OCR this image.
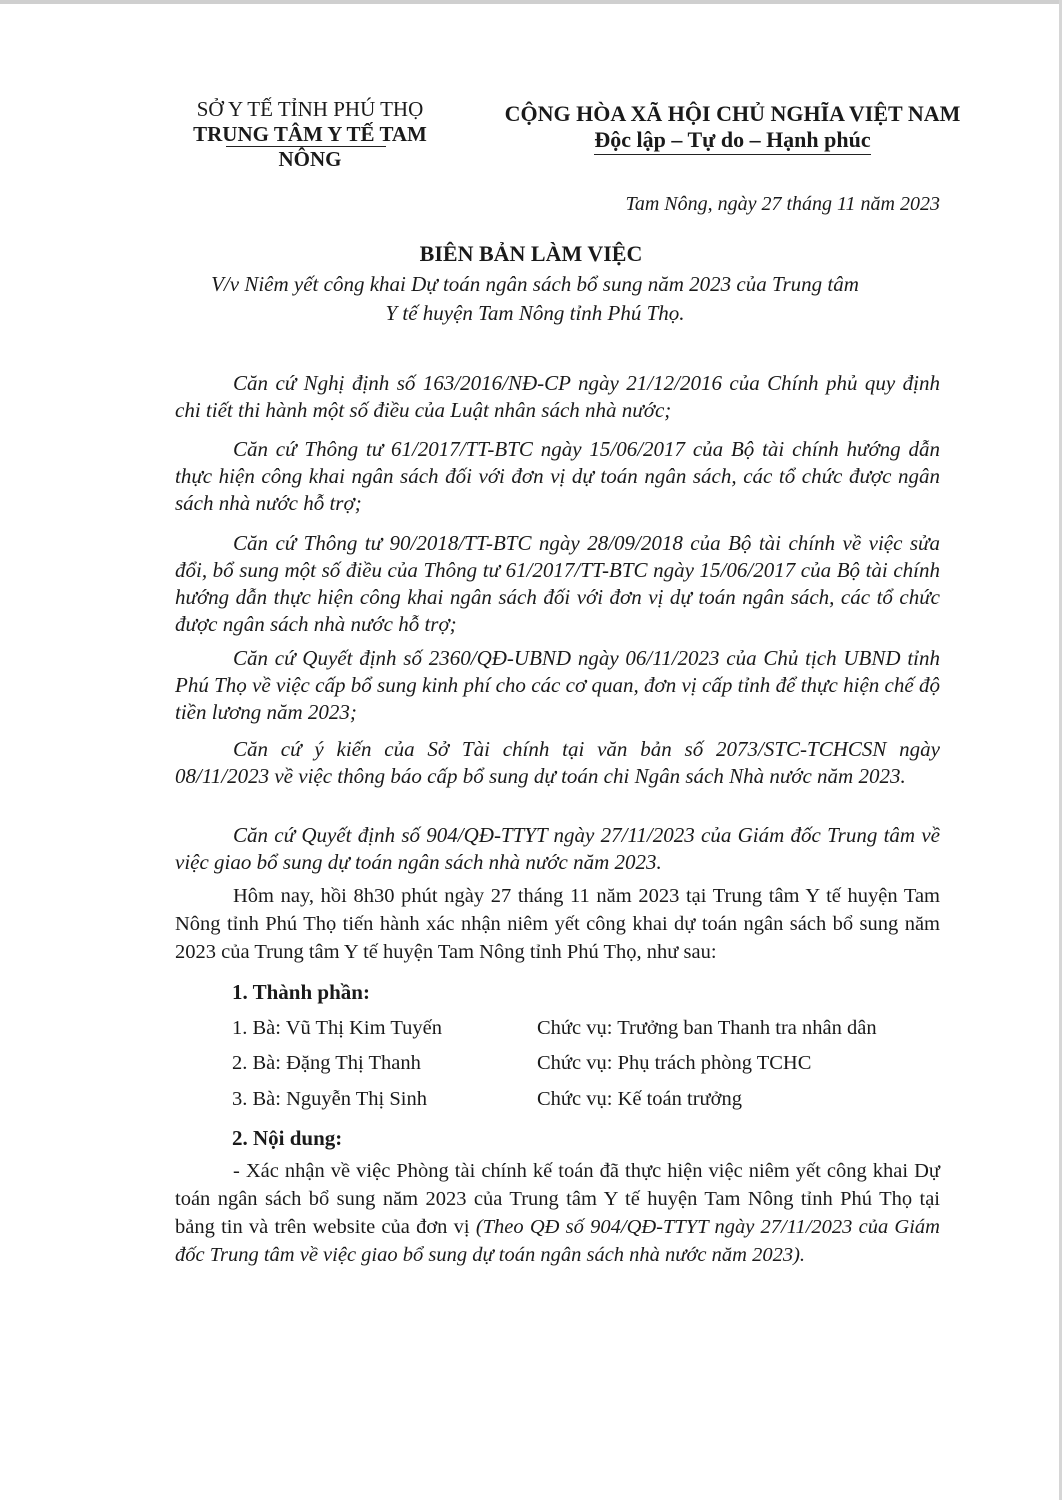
SỞ Y TẾ TỈNH PHÚ THỌ
TRUNG TÂM Y TẾ TAM NÔNG
CỘNG HÒA XÃ HỘI CHỦ NGHĨA VIỆT NAM
Độc lập – Tự do – Hạnh phúc
Tam Nông, ngày 27 tháng 11 năm 2023
BIÊN BẢN LÀM VIỆC
V/v Niêm yết công khai Dự toán ngân sách bổ sung năm 2023 của Trung tâm Y tế huyện Tam Nông tỉnh Phú Thọ.

Căn cứ Nghị định số 163/2016/NĐ-CP ngày 21/12/2016 của Chính phủ quy định chi tiết thi hành một số điều của Luật nhân sách nhà nước;

Căn cứ Thông tư 61/2017/TT-BTC ngày 15/06/2017 của Bộ tài chính hướng dẫn thực hiện công khai ngân sách đối với đơn vị dự toán ngân sách, các tổ chức được ngân sách nhà nước hỗ trợ;

Căn cứ Thông tư 90/2018/TT-BTC ngày 28/09/2018 của Bộ tài chính về việc sửa đổi, bổ sung một số điều của Thông tư 61/2017/TT-BTC ngày 15/06/2017 của Bộ tài chính hướng dẫn thực hiện công khai ngân sách đối với đơn vị dự toán ngân sách, các tổ chức được ngân sách nhà nước hỗ trợ;

Căn cứ Quyết định số 2360/QĐ-UBND ngày 06/11/2023 của Chủ tịch UBND tỉnh Phú Thọ về việc cấp bổ sung kinh phí cho các cơ quan, đơn vị cấp tỉnh để thực hiện chế độ tiền lương năm 2023;

Căn cứ ý kiến của Sở Tài chính tại văn bản số 2073/STC-TCHCSN ngày 08/11/2023 về việc thông báo cấp bổ sung dự toán chi Ngân sách Nhà nước năm 2023.

Căn cứ Quyết định số 904/QĐ-TTYT ngày 27/11/2023 của Giám đốc Trung tâm về việc giao bổ sung dự toán ngân sách nhà nước năm 2023.

Hôm nay, hồi 8h30 phút ngày 27 tháng 11 năm 2023 tại Trung tâm Y tế huyện Tam Nông tỉnh Phú Thọ tiến hành xác nhận niêm yết công khai dự toán ngân sách bổ sung năm 2023 của Trung tâm Y tế huyện Tam Nông tỉnh Phú Thọ, như sau:

1. Thành phần:
1. Bà: Vũ Thị Kim Tuyến	Chức vụ: Trưởng ban Thanh tra nhân dân
2. Bà: Đặng Thị Thanh	Chức vụ: Phụ trách phòng TCHC
3. Bà: Nguyễn Thị Sinh	Chức vụ: Kế toán trưởng
2. Nội dung:

- Xác nhận về việc Phòng tài chính kế toán đã thực hiện việc niêm yết công khai Dự toán ngân sách bổ sung năm 2023 của Trung tâm Y tế huyện Tam Nông tỉnh Phú Thọ tại bảng tin và trên website của đơn vị (Theo QĐ số 904/QĐ-TTYT ngày 27/11/2023 của Giám đốc Trung tâm về việc giao bổ sung dự toán ngân sách nhà nước năm 2023).
